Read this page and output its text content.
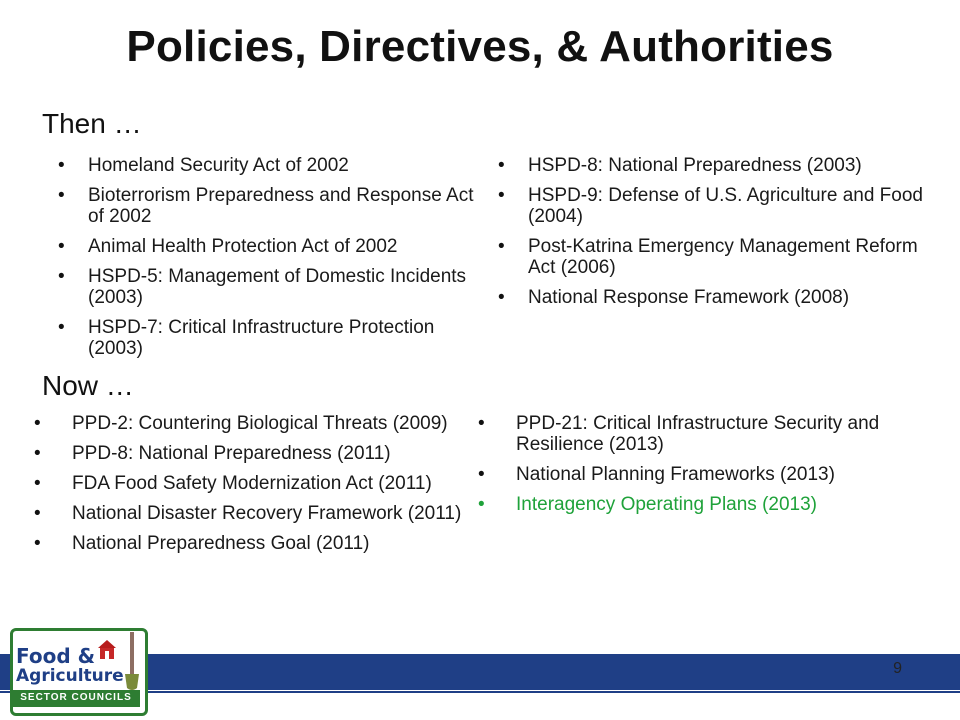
Policies, Directives, & Authorities
Then …
• Homeland Security Act of 2002
• Bioterrorism Preparedness and Response Act of 2002
• Animal Health Protection Act of 2002
• HSPD-5: Management of Domestic Incidents (2003)
• HSPD-7: Critical Infrastructure Protection (2003)
• HSPD-8: National Preparedness (2003)
• HSPD-9: Defense of U.S. Agriculture and Food (2004)
• Post-Katrina Emergency Management Reform Act (2006)
• National Response Framework (2008)
Now …
• PPD-2: Countering Biological Threats (2009)
• PPD-8: National Preparedness (2011)
• FDA Food Safety Modernization Act (2011)
• National Disaster Recovery Framework (2011)
• National Preparedness Goal (2011)
• PPD-21: Critical Infrastructure Security and Resilience (2013)
• National Planning Frameworks (2013)
• Interagency Operating Plans (2013)
9
Food &
Agriculture
SECTOR COUNCILS
